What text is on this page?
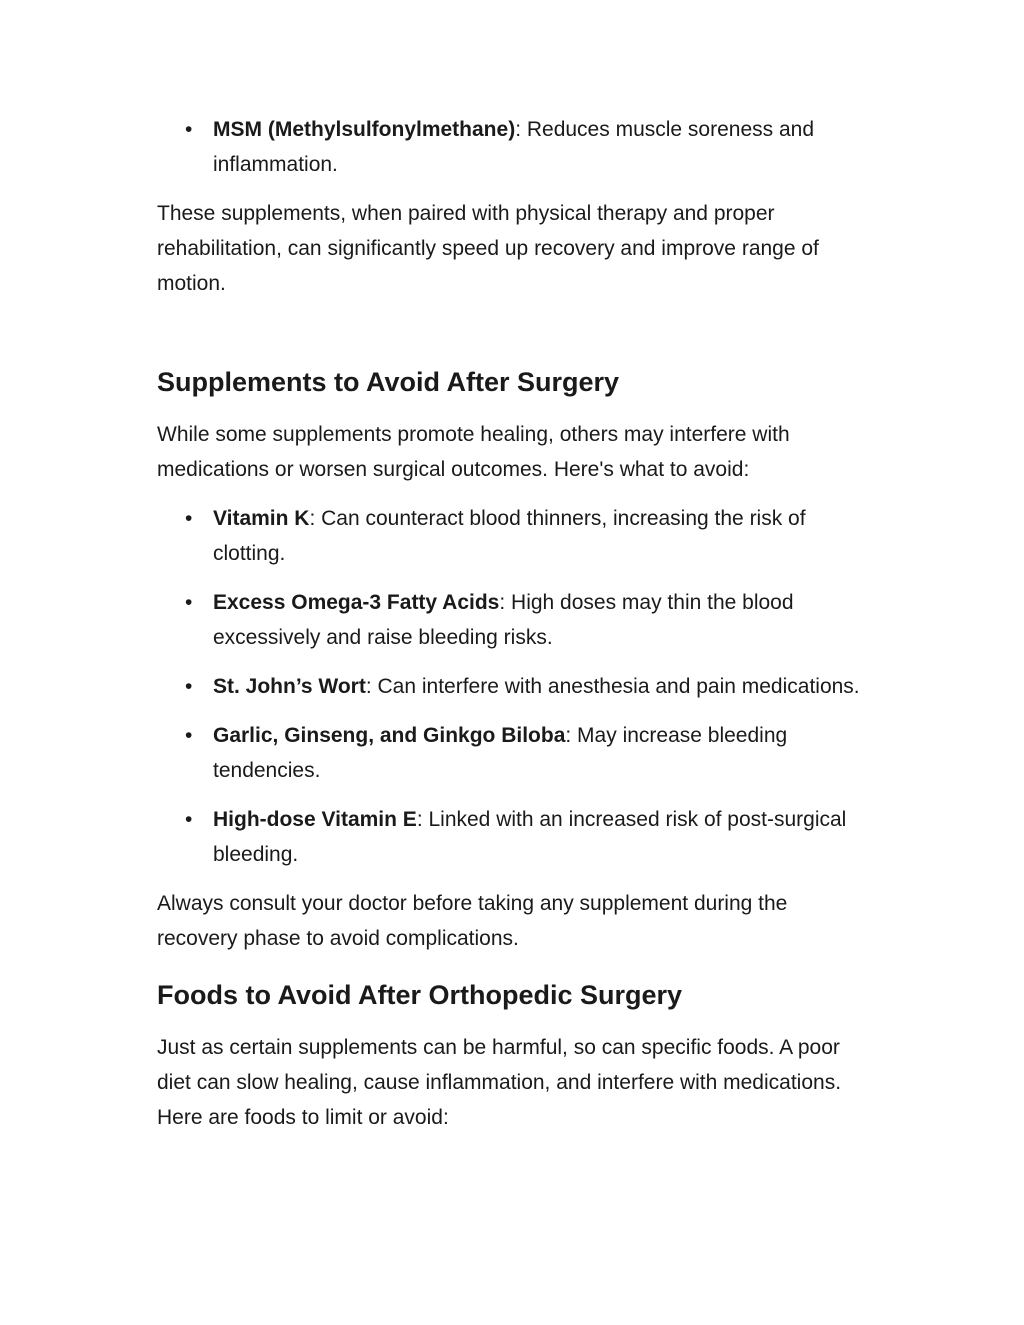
• MSM (Methylsulfonylmethane): Reduces muscle soreness and inflammation.

These supplements, when paired with physical therapy and proper rehabilitation, can significantly speed up recovery and improve range of motion.

Supplements to Avoid After Surgery

While some supplements promote healing, others may interfere with medications or worsen surgical outcomes. Here's what to avoid:

• Vitamin K: Can counteract blood thinners, increasing the risk of clotting.
• Excess Omega-3 Fatty Acids: High doses may thin the blood excessively and raise bleeding risks.
• St. John’s Wort: Can interfere with anesthesia and pain medications.
• Garlic, Ginseng, and Ginkgo Biloba: May increase bleeding tendencies.
• High-dose Vitamin E: Linked with an increased risk of post-surgical bleeding.

Always consult your doctor before taking any supplement during the recovery phase to avoid complications.

Foods to Avoid After Orthopedic Surgery

Just as certain supplements can be harmful, so can specific foods. A poor diet can slow healing, cause inflammation, and interfere with medications. Here are foods to limit or avoid:
